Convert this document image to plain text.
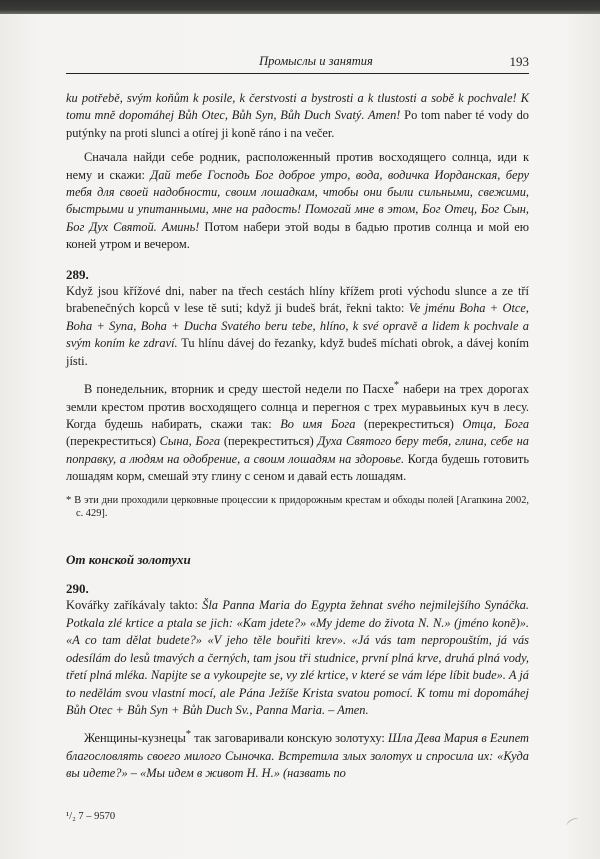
Промыслы и занятия	193

ku potřebě, svým koňům k posile, k čerstvosti a bystrosti a k tlustosti a sobě k pochvale! K tomu mně dopomáhej Bůh Otec, Bůh Syn, Bůh Duch Svatý. Amen! Po tom naber té vody do putýnky na proti slunci a otírej ji koně ráno i na večer.

Сначала найди себе родник, расположенный против восходящего солнца, иди к нему и скажи: Дай тебе Господь Бог доброе утро, вода, водичка Иорданская, беру тебя для своей надобности, своим лошадкам, чтобы они были сильными, свежими, быстрыми и упитанными, мне на радость! Помогай мне в этом, Бог Отец, Бог Сын, Бог Дух Святой. Аминь! Потом набери этой воды в бадью против солнца и мой ею коней утром и вечером.

289.

Když jsou křížové dni, naber na třech cestách hlíny křížem proti východu slunce a ze tří brabenečných kopců v lese tě suti; když ji budeš brát, řekni takto: Ve jménu Boha + Otce, Boha + Syna, Boha + Ducha Svatého beru tebe, hlíno, k své opravě a lidem k pochvale a svým koním ke zdraví. Tu hlínu dávej do řezanky, když budeš míchati obrok, a dávej koním jísti.

В понедельник, вторник и среду шестой недели по Пасхе* набери на трех дорогах земли крестом против восходящего солнца и перегноя с трех муравьиных куч в лесу. Когда будешь набирать, скажи так: Во имя Бога (перекреститься) Отца, Бога (перекреститься) Сына, Бога (перекреститься) Духа Святого беру тебя, глина, себе на поправку, а людям на одобрение, а своим лошадям на здоровье. Когда будешь готовить лошадям корм, смешай эту глину с сеном и давай есть лошадям.

* В эти дни проходили церковные процессии к придорожным крестам и обходы полей [Агапкина 2002, с. 429].

От конской золотухи

290.

Kovářky zaříkávaly takto: Šla Panna Maria do Egypta žehnat svého nejmilejšího Synáčka. Potkala zlé krtice a ptala se jich: «Kam jdete?» «My jdeme do života N. N.» (jméno koně)». «A co tam dělat budete?» «V jeho těle bouřiti krev». «Já vás tam nepropouštím, já vás odesílám do lesů tmavých a černých, tam jsou tři studnice, první plná krve, druhá plná vody, třetí plná mléka. Napijte se a vykoupejte se, vy zlé krtice, v které se vám lépe líbit bude». A já to nedělám svou vlastní mocí, ale Pána Ježíše Krista svatou pomocí. K tomu mi dopomáhej Bůh Otec + Bůh Syn + Bůh Duch Sv., Panna Maria. – Amen.

Женщины-кузнецы* так заговаривали конскую золотуху: Шла Дева Мария в Египет благословлять своего милого Сыночка. Встретила злых золотух и спросила их: «Куда вы идете?» – «Мы идем в живот Н. Н.» (назвать по

¹/₂ 7 – 9570
⌒
